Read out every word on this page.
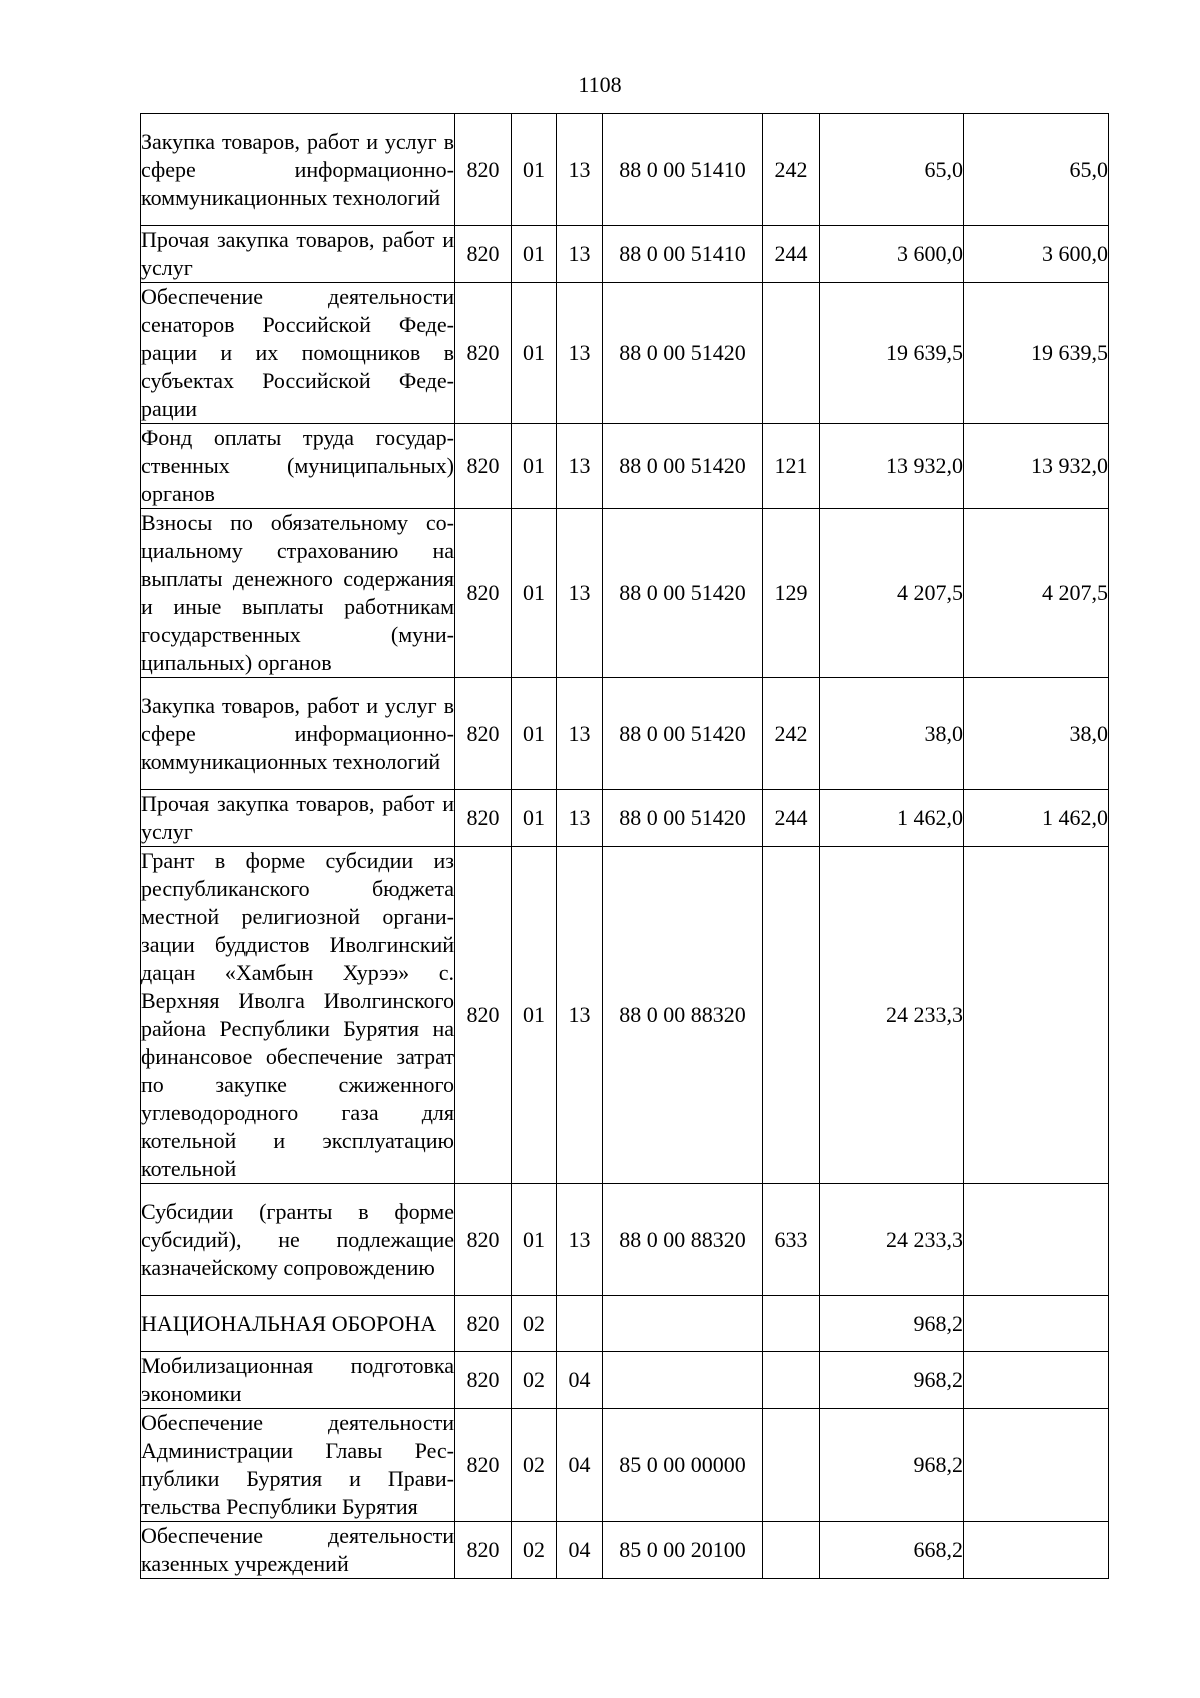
1108
Закупка товаров, работ и услуг в сфере информационно-коммуникационных технологий	820	01	13	88 0 00 51410	242	65,0	65,0
Прочая закупка товаров, работ и услуг	820	01	13	88 0 00 51410	244	3 600,0	3 600,0
Обеспечение деятельности сенаторов Российской Федерации и их помощников в субъектах Российской Федерации	820	01	13	88 0 00 51420		19 639,5	19 639,5
Фонд оплаты труда государственных (муниципальных) органов	820	01	13	88 0 00 51420	121	13 932,0	13 932,0
Взносы по обязательному социальному страхованию на выплаты денежного содержания и иные выплаты работникам государственных (муниципальных) органов	820	01	13	88 0 00 51420	129	4 207,5	4 207,5
Закупка товаров, работ и услуг в сфере информационно-коммуникационных технологий	820	01	13	88 0 00 51420	242	38,0	38,0
Прочая закупка товаров, работ и услуг	820	01	13	88 0 00 51420	244	1 462,0	1 462,0
Грант в форме субсидии из республиканского бюджета местной религиозной организации буддистов Иволгинский дацан «Хамбын Хурээ» с. Верхняя Иволга Иволгинского района Республики Бурятия на финансовое обеспечение затрат по закупке сжиженного углеводородного газа для котельной и эксплуатацию котельной	820	01	13	88 0 00 88320		24 233,3	
Субсидии (гранты в форме субсидий), не подлежащие казначейскому сопровождению	820	01	13	88 0 00 88320	633	24 233,3	
НАЦИОНАЛЬНАЯ ОБОРОНА	820	02				968,2	
Мобилизационная подготовка экономики	820	02	04			968,2	
Обеспечение деятельности Администрации Главы Республики Бурятия и Правительства Республики Бурятия	820	02	04	85 0 00 00000		968,2	
Обеспечение деятельности казенных учреждений	820	02	04	85 0 00 20100		668,2	
